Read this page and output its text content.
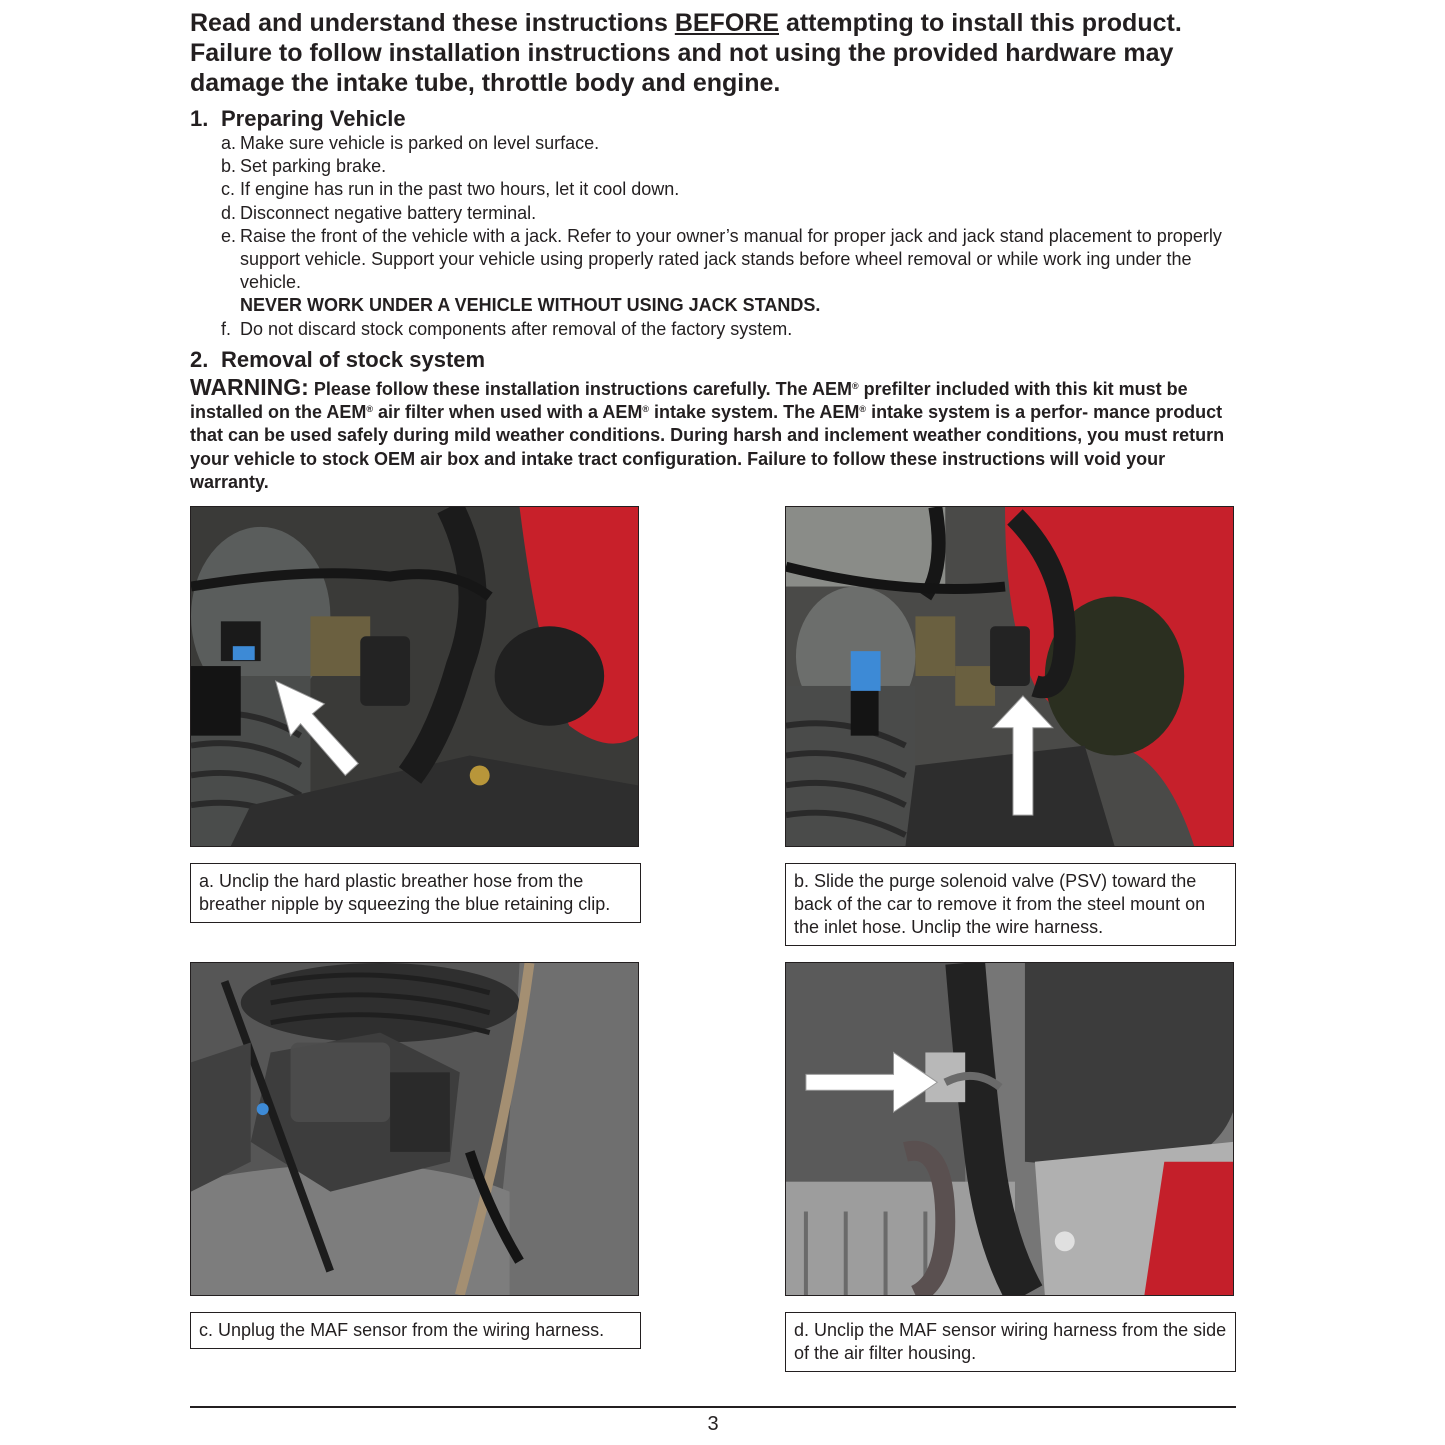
Read and understand these instructions BEFORE attempting to install this product. Failure to follow installation instructions and not using the provided hardware may damage the intake tube, throttle body and engine.
1. Preparing Vehicle
a. Make sure vehicle is parked on level surface.
b. Set parking brake.
c. If engine has run in the past two hours, let it cool down.
d. Disconnect negative battery terminal.
e. Raise the front of the vehicle with a jack. Refer to your owner’s manual for proper jack and jack stand placement to properly support vehicle. Support your vehicle using properly rated jack stands before wheel removal or while work ing under the vehicle.
NEVER WORK UNDER A VEHICLE WITHOUT USING JACK STANDS.
f. Do not discard stock components after removal of the factory system.
2. Removal of stock system
WARNING: Please follow these installation instructions carefully. The AEM® prefilter included with this kit must be installed on the AEM® air filter when used with a AEM® intake system. The AEM® intake system is a perfor- mance product that can be used safely during mild weather conditions. During harsh and inclement weather conditions, you must return your vehicle to stock OEM air box and intake tract configuration. Failure to follow these instructions will void your warranty.
a. Unclip the hard plastic breather hose from the breather nipple by squeezing the blue retaining clip.
b. Slide the purge solenoid valve (PSV) toward the back of the car to remove it from the steel mount on the inlet hose. Unclip the wire harness.
c. Unplug the MAF sensor from the wiring harness.	d. Unclip the MAF sensor wiring harness from the side of the air filter housing.
3
